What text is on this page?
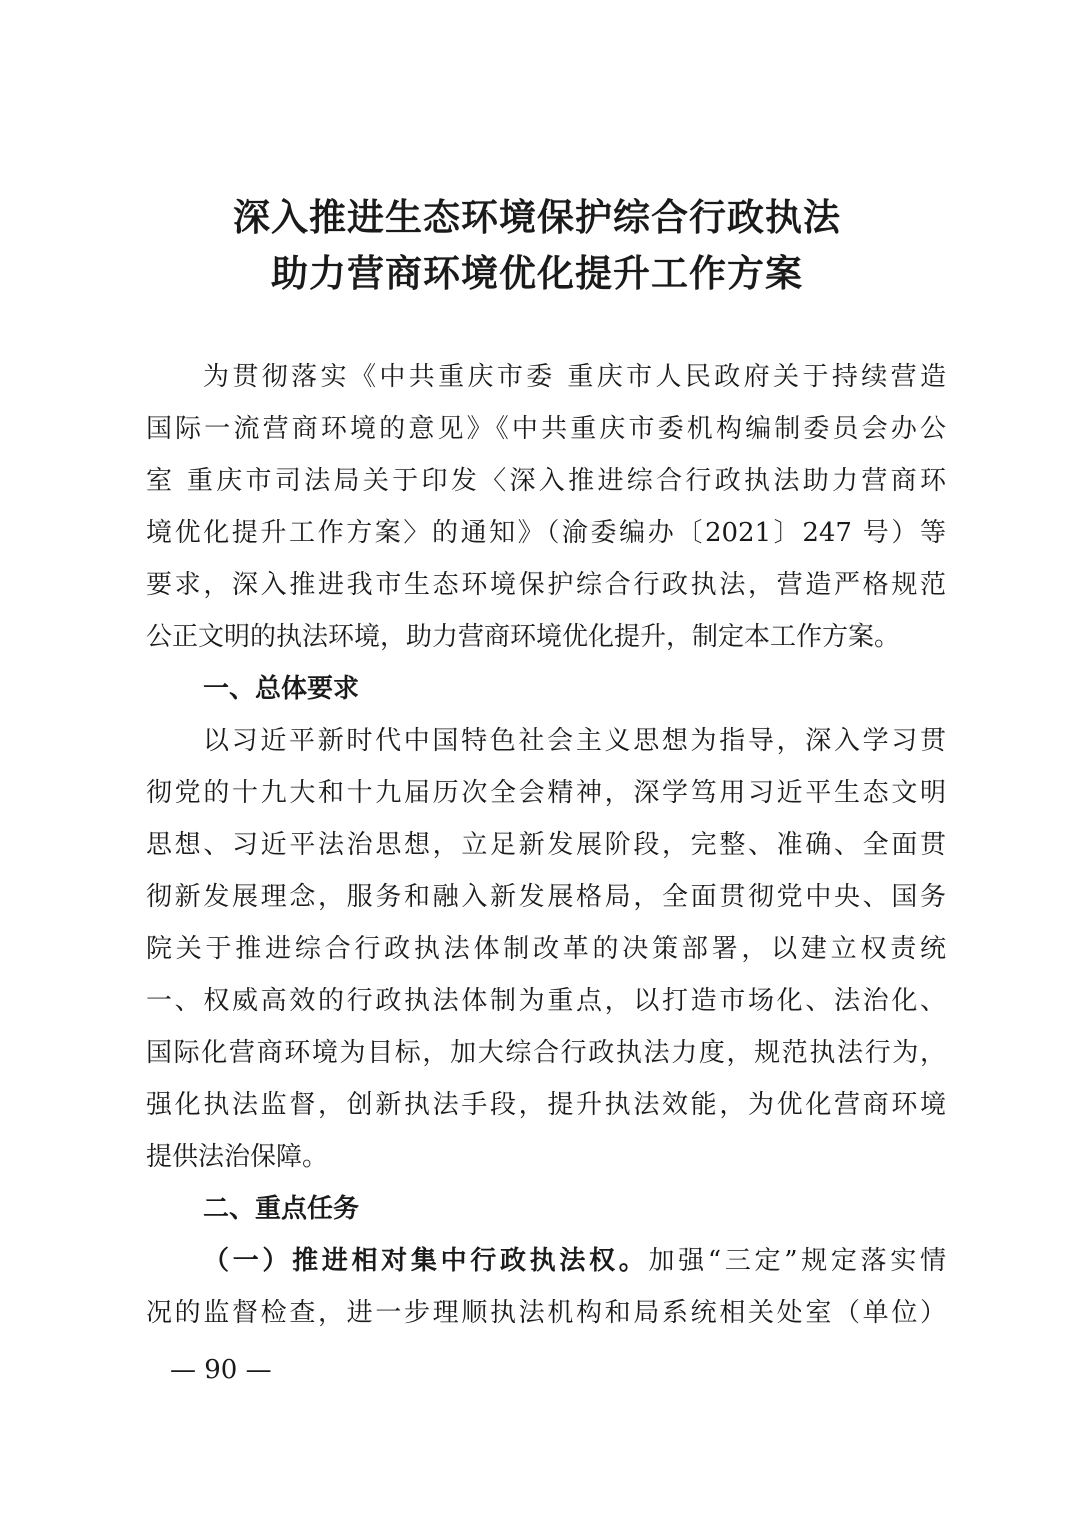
深入推进生态环境保护综合行政执法
助力营商环境优化提升工作方案
为贯彻落实《中共重庆市委 重庆市人民政府关于持续营造
国际一流营商环境的意见》《中共重庆市委机构编制委员会办公
室 重庆市司法局关于印发〈深入推进综合行政执法助力营商环
境优化提升工作方案〉的通知》（渝委编办〔2021〕247 号）等
要求，深入推进我市生态环境保护综合行政执法，营造严格规范
公正文明的执法环境，助力营商环境优化提升，制定本工作方案。
一、总体要求
以习近平新时代中国特色社会主义思想为指导，深入学习贯
彻党的十九大和十九届历次全会精神，深学笃用习近平生态文明
思想、习近平法治思想，立足新发展阶段，完整、准确、全面贯
彻新发展理念，服务和融入新发展格局，全面贯彻党中央、国务
院关于推进综合行政执法体制改革的决策部署，以建立权责统
一、权威高效的行政执法体制为重点，以打造市场化、法治化、
国际化营商环境为目标，加大综合行政执法力度，规范执法行为，
强化执法监督，创新执法手段，提升执法效能，为优化营商环境
提供法治保障。
二、重点任务
（一）推进相对集中行政执法权。加强“三定”规定落实情
况的监督检查，进一步理顺执法机构和局系统相关处室（单位）
— 90 —
